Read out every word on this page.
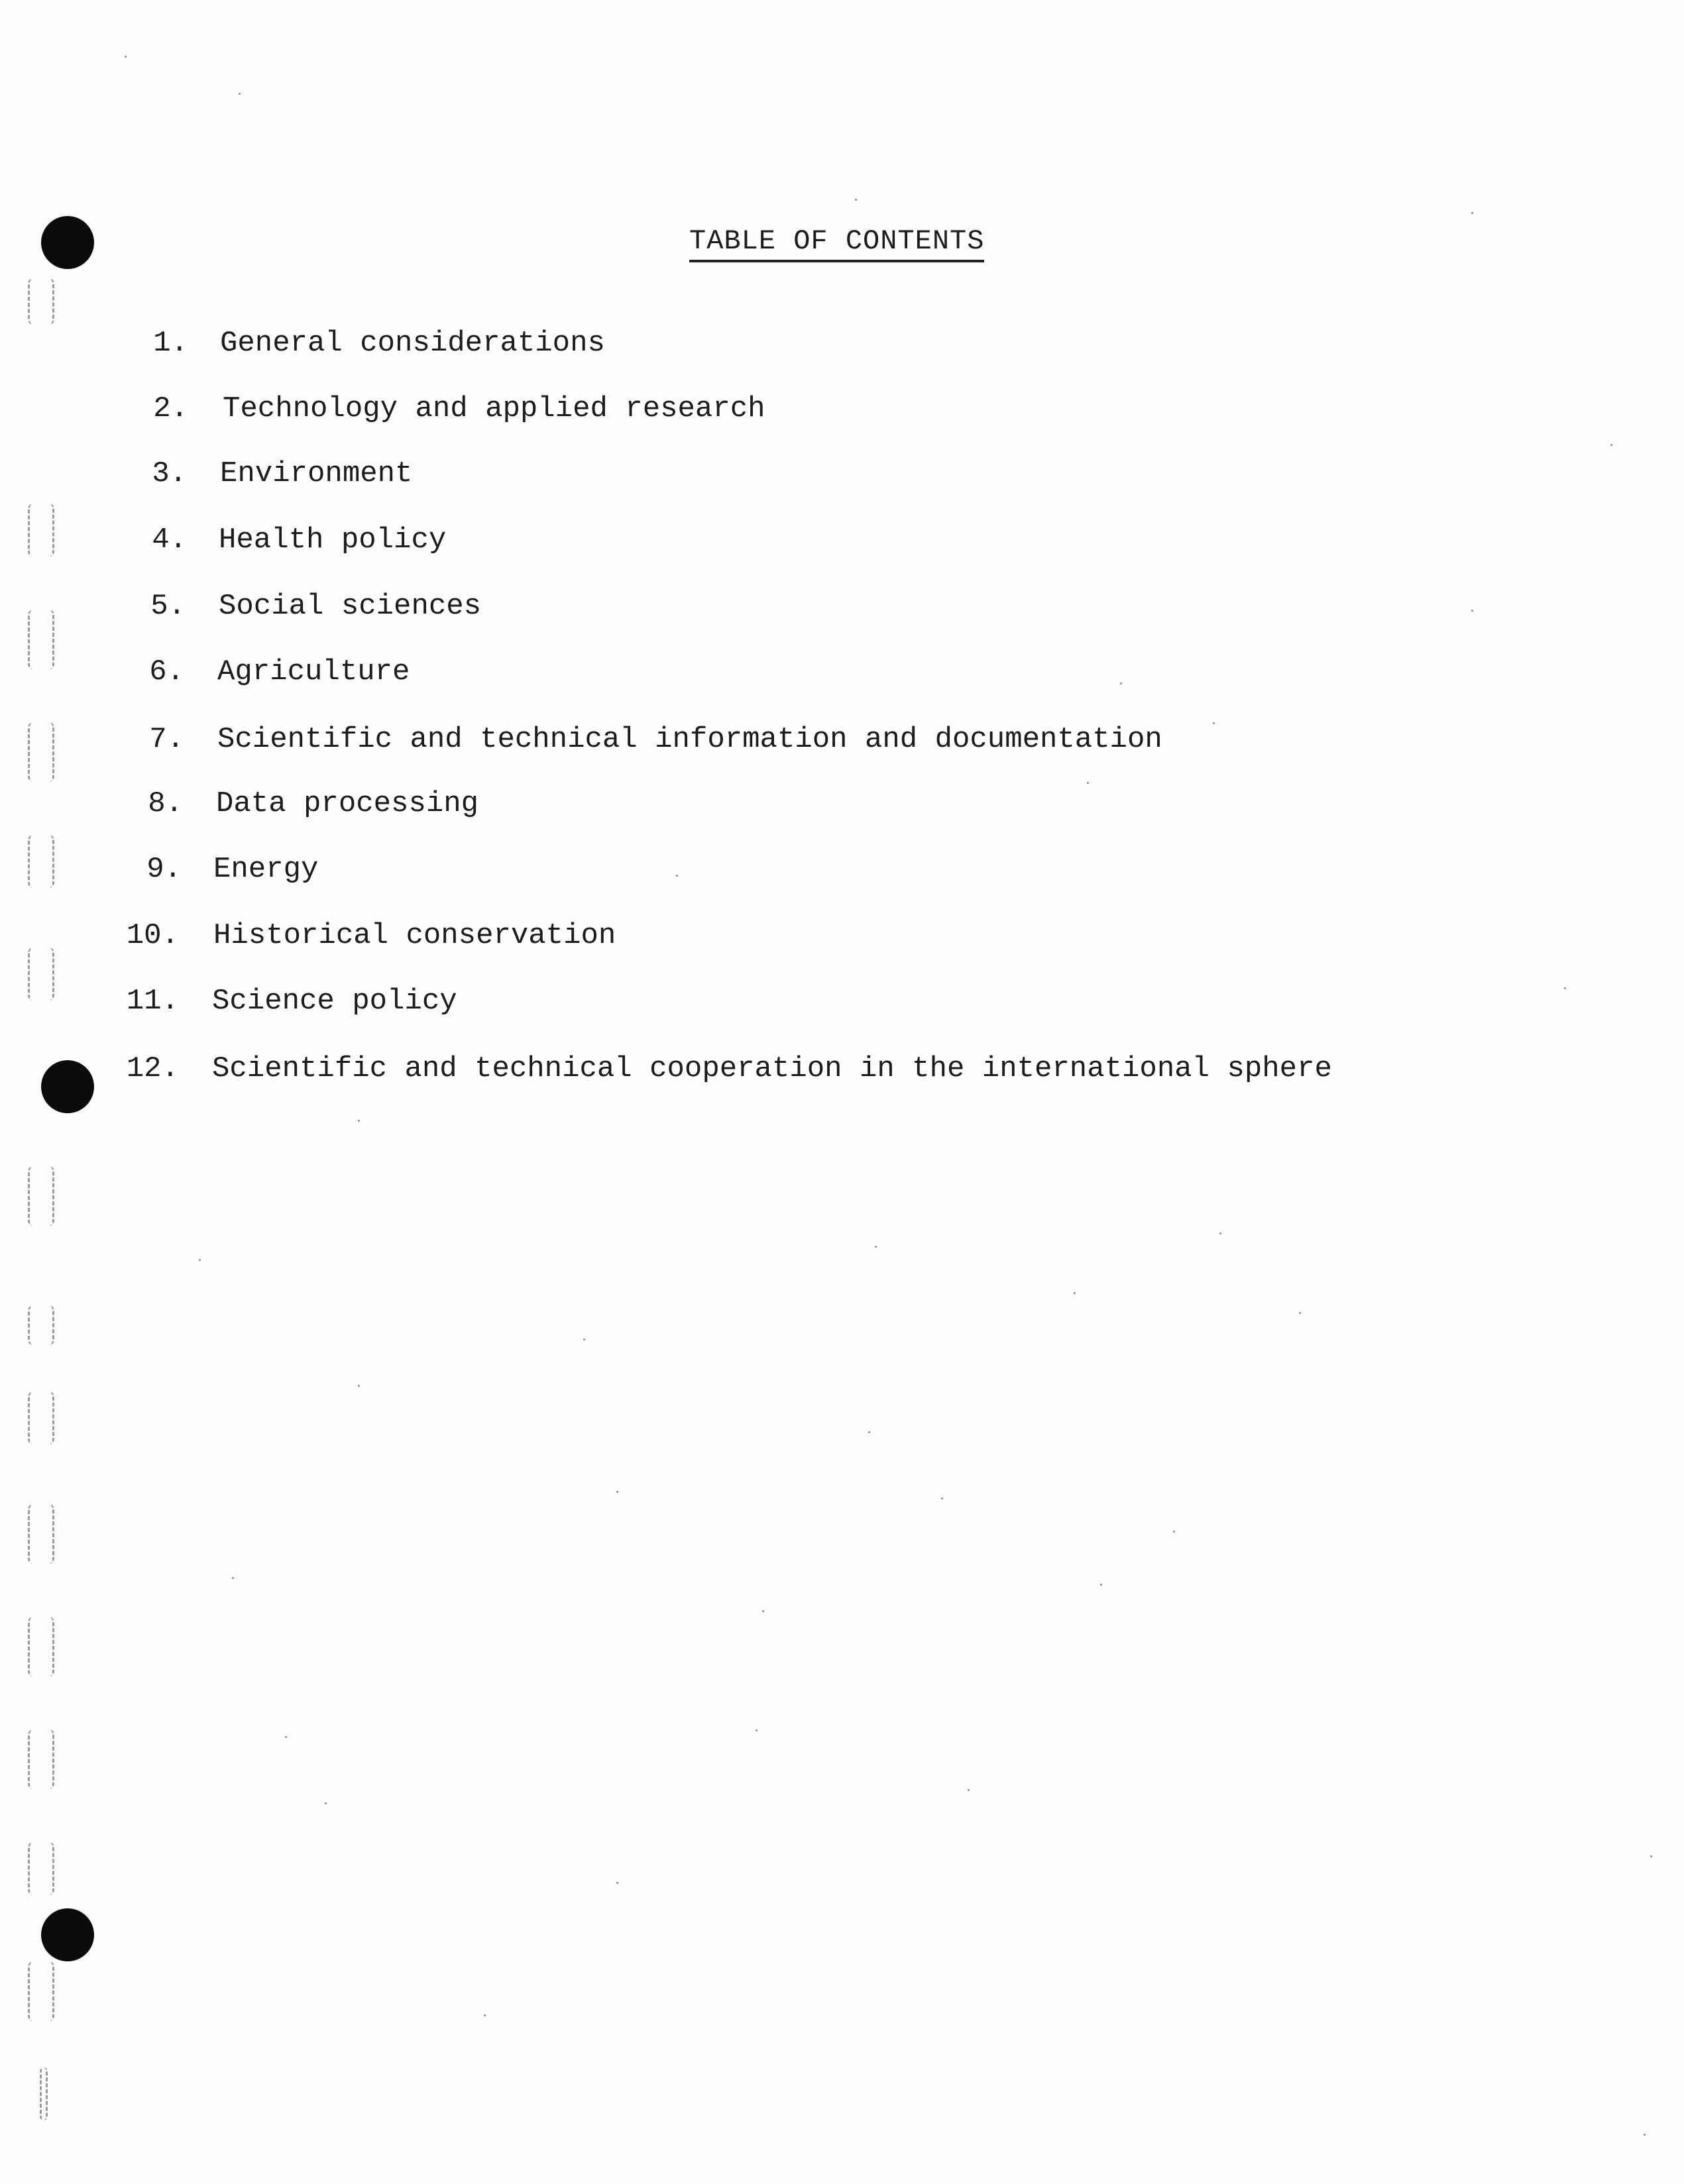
TABLE OF CONTENTS
1. General considerations
2. Technology and applied research
3. Environment
4. Health policy
5. Social sciences
6. Agriculture
7. Scientific and technical information and documentation
8. Data processing
9. Energy
10. Historical conservation
11. Science policy
12. Scientific and technical cooperation in the international sphere
